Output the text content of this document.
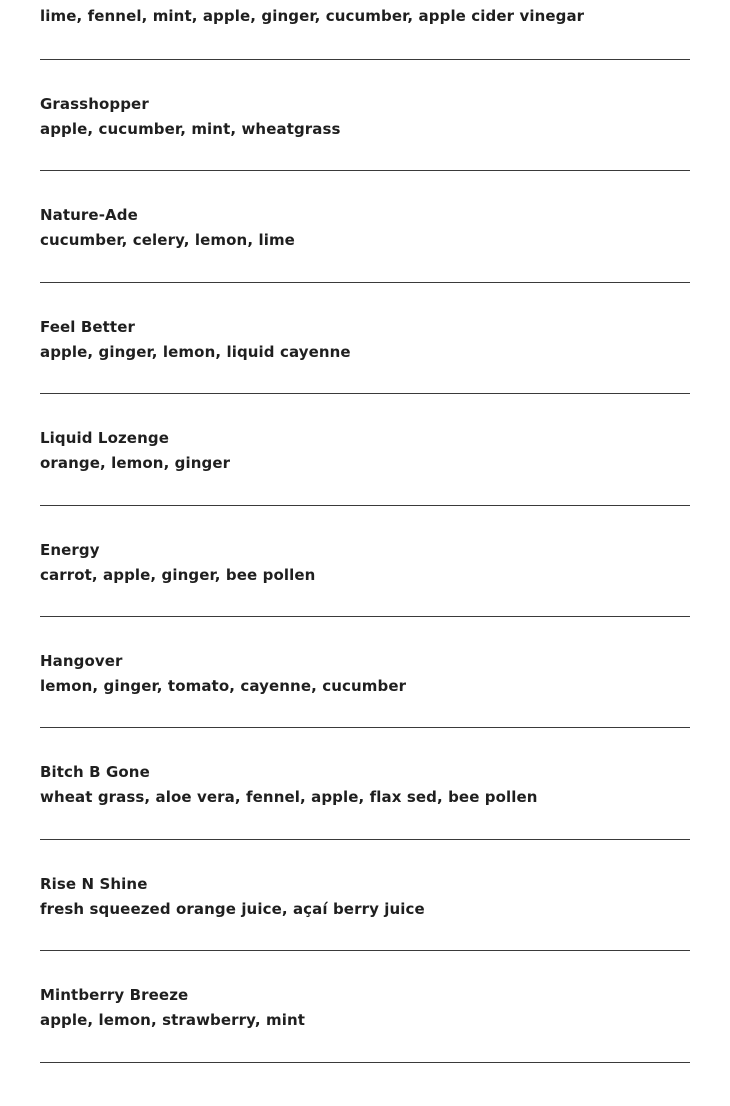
lime, fennel, mint, apple, ginger, cucumber, apple cider vinegar

Grasshopper
apple, cucumber, mint, wheatgrass
Nature-Ade
cucumber, celery, lemon, lime
Feel Better
apple, ginger, lemon, liquid cayenne
Liquid Lozenge
orange, lemon, ginger
Energy
carrot, apple, ginger, bee pollen
Hangover
lemon, ginger, tomato, cayenne, cucumber
Bitch B Gone
wheat grass, aloe vera, fennel, apple, flax sed, bee pollen
Rise N Shine
fresh squeezed orange juice, açaí berry juice
Mintberry Breeze
apple, lemon, strawberry, mint
